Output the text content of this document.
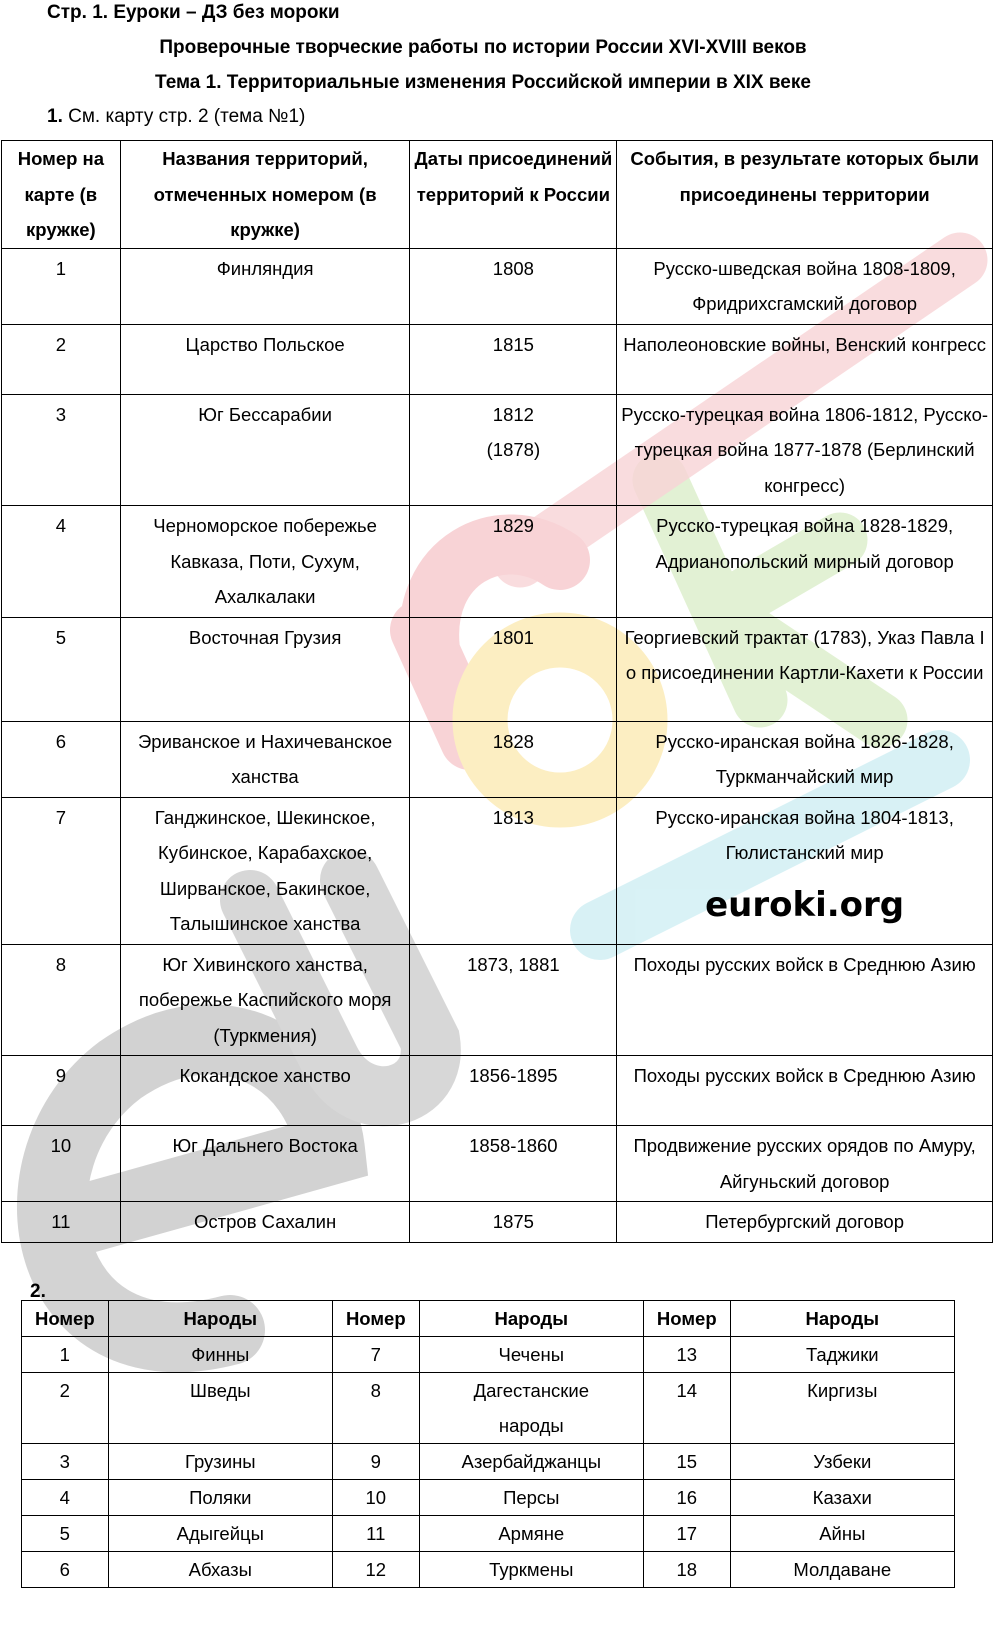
Стр. 1. Еуроки – ДЗ без мороки
Проверочные творческие работы по истории России XVI-XVIII веков
Тема 1. Территориальные изменения Российской империи в XIX веке
1. См. карту стр. 2 (тема №1)
Номер на карте (в кружке)	Названия территорий, отмеченных номером (в кружке)	Даты присоединений территорий к России	События, в результате которых были присоединены территории
1	Финляндия	1808	Русско-шведская война 1808-1809, Фридрихсгамский договор
2	Царство Польское	1815	Наполеоновские войны, Венский конгресс
3	Юг Бессарабии	1812 (1878)	Русско-турецкая война 1806-1812, Русско-турецкая война 1877-1878 (Берлинский конгресс)
4	Черноморское побережье Кавказа, Поти, Сухум, Ахалкалаки	1829	Русско-турецкая война 1828-1829, Адрианопольский мирный договор
5	Восточная Грузия	1801	Георгиевский трактат (1783), Указ Павла I о присоединении Картли-Кахети к России
6	Эриванское и Нахичеванское ханства	1828	Русско-иранская война 1826-1828, Туркманчайский мир
7	Ганджинское, Шекинское, Кубинское, Карабахское, Ширванское, Бакинское, Талышинское ханства	1813	Русско-иранская война 1804-1813, Гюлистанский мир
euroki.org

8	Юг Хивинского ханства, побережье Каспийского моря (Туркмения)	1873, 1881	Походы русских войск в Среднюю Азию
9	Кокандское ханство	1856-1895	Походы русских войск в Среднюю Азию
10	Юг Дальнего Востока	1858-1860	Продвижение русских орядов по Амуру, Айгуньский договор
11	Остров Сахалин	1875	Петербургский договор
2.
Номер	Народы	Номер	Народы	Номер	Народы
1	Финны	7	Чечены	13	Таджики
2	Шведы	8	Дагестанские народы	14	Киргизы
3	Грузины	9	Азербайджанцы	15	Узбеки
4	Поляки	10	Персы	16	Казахи
5	Адыгейцы	11	Армяне	17	Айны
6	Абхазы	12	Туркмены	18	Молдаване
